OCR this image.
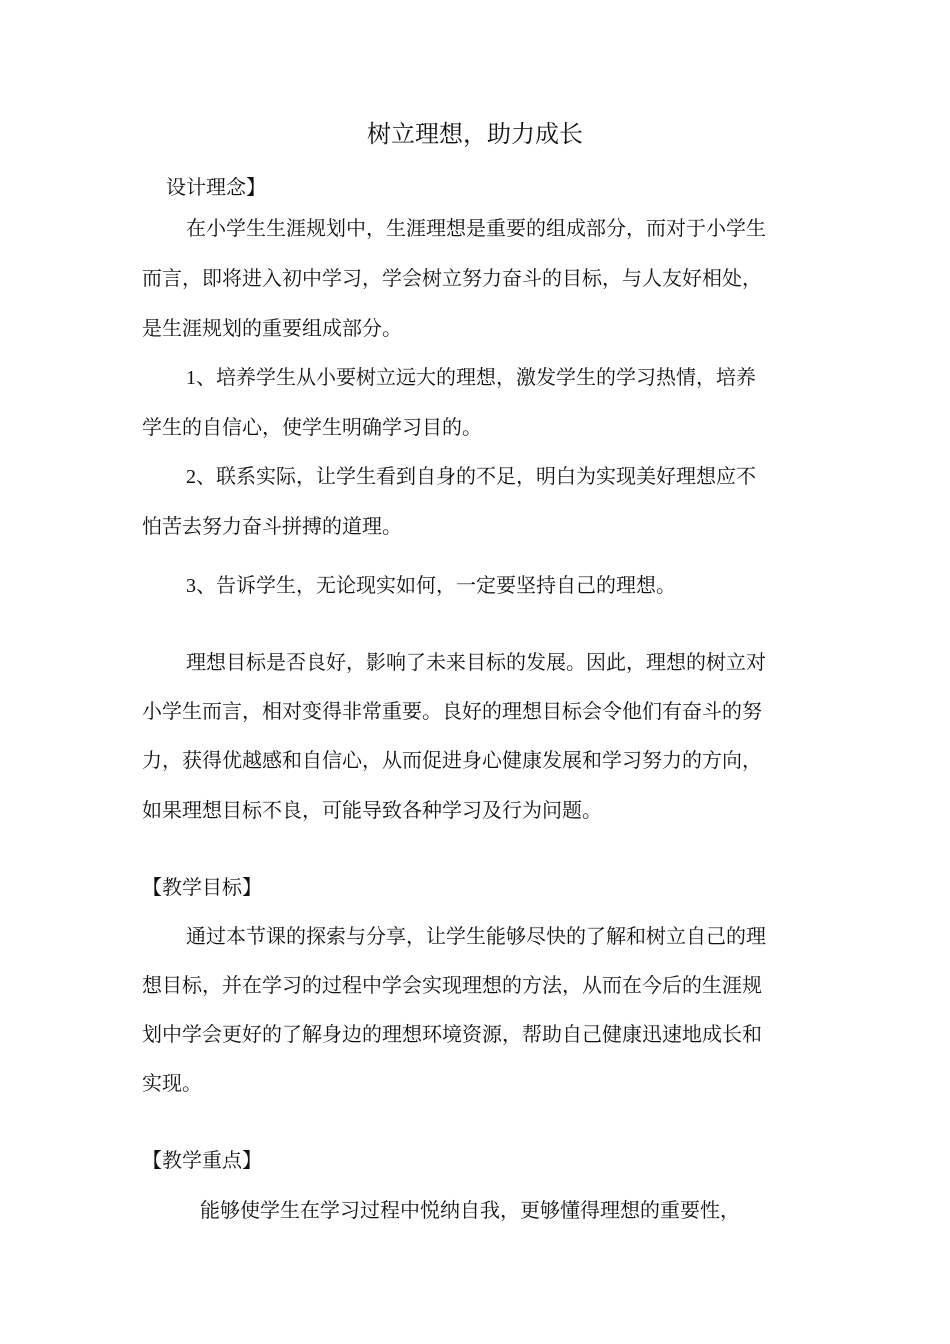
树立理想，助力成长
设计理念】
在小学生生涯规划中，生涯理想是重要的组成部分，而对于小学生
而言，即将进入初中学习，学会树立努力奋斗的目标，与人友好相处，
是生涯规划的重要组成部分。
1、培养学生从小要树立远大的理想，激发学生的学习热情，培养
学生的自信心，使学生明确学习目的。
2、联系实际，让学生看到自身的不足，明白为实现美好理想应不
怕苦去努力奋斗拼搏的道理。
3、告诉学生，无论现实如何，一定要坚持自己的理想。
理想目标是否良好，影响了未来目标的发展。因此，理想的树立对
小学生而言，相对变得非常重要。良好的理想目标会令他们有奋斗的努
力，获得优越感和自信心，从而促进身心健康发展和学习努力的方向，
如果理想目标不良，可能导致各种学习及行为问题。
【教学目标】
通过本节课的探索与分享，让学生能够尽快的了解和树立自己的理
想目标，并在学习的过程中学会实现理想的方法，从而在今后的生涯规
划中学会更好的了解身边的理想环境资源，帮助自己健康迅速地成长和
实现。
【教学重点】
能够使学生在学习过程中悦纳自我，更够懂得理想的重要性，
